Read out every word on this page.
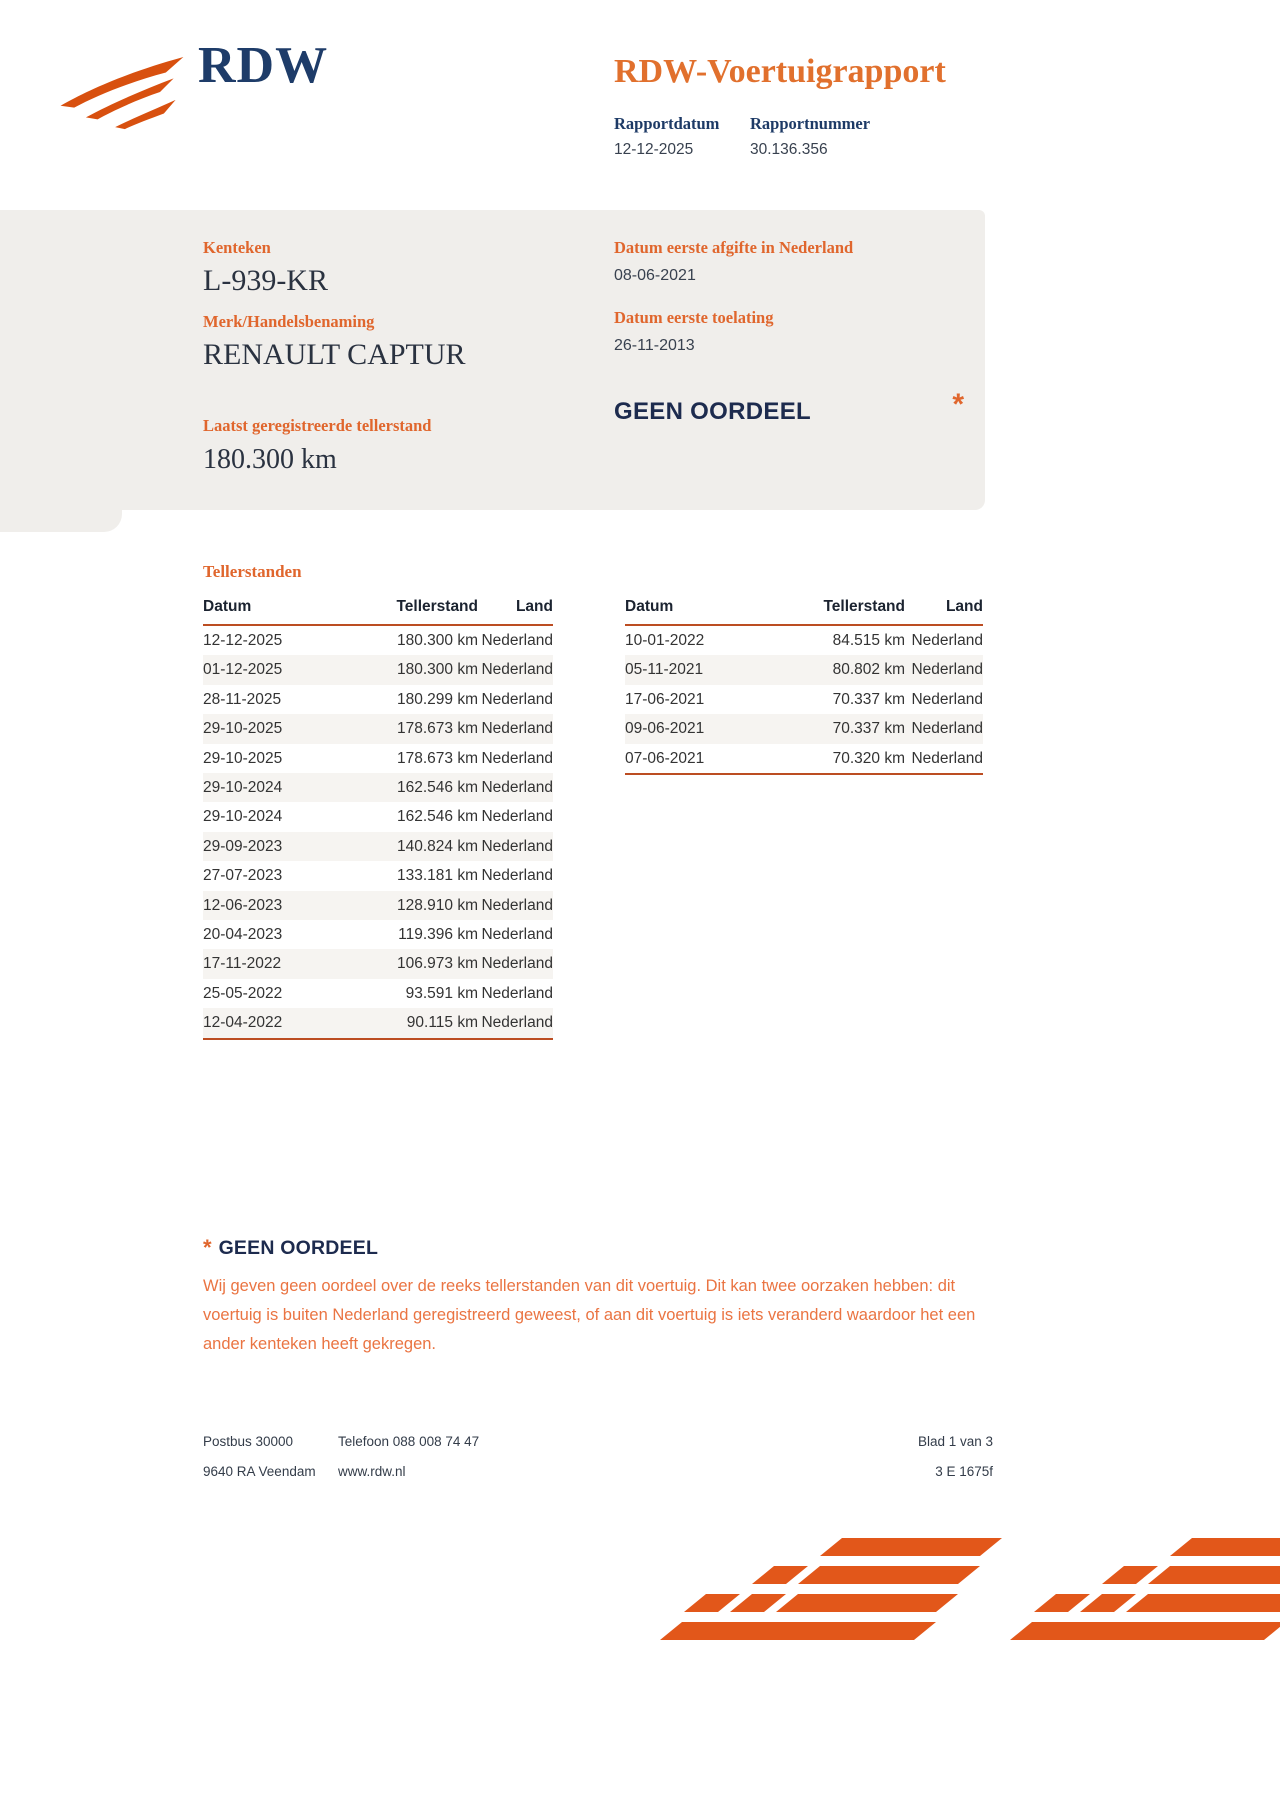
RDW	RDW-Voertuigrapport
Rapportdatum
12-12-2025
Rapportnummer
30.136.356
Kenteken
L-939-KR
Merk/Handelsbenaming
RENAULT CAPTUR
Laatst geregistreerde tellerstand
180.300 km
Datum eerste afgifte in Nederland
08-06-2021
Datum eerste toelating
26-11-2013
GEEN OORDEEL	*
Tellerstanden
Datum	Tellerstand	Land
12-12-2025	180.300 km	Nederland
01-12-2025	180.300 km	Nederland
28-11-2025	180.299 km	Nederland
29-10-2025	178.673 km	Nederland
29-10-2025	178.673 km	Nederland
29-10-2024	162.546 km	Nederland
29-10-2024	162.546 km	Nederland
29-09-2023	140.824 km	Nederland
27-07-2023	133.181 km	Nederland
12-06-2023	128.910 km	Nederland
20-04-2023	119.396 km	Nederland
17-11-2022	106.973 km	Nederland
25-05-2022	93.591 km	Nederland
12-04-2022	90.115 km	Nederland
Datum	Tellerstand	Land
10-01-2022	84.515 km	Nederland
05-11-2021	80.802 km	Nederland
17-06-2021	70.337 km	Nederland
09-06-2021	70.337 km	Nederland
07-06-2021	70.320 km	Nederland
* GEEN OORDEEL

Wij geven geen oordeel over de reeks tellerstanden van dit voertuig. Dit kan twee oorzaken hebben: dit voertuig is buiten Nederland geregistreerd geweest, of aan dit voertuig is iets veranderd waardoor het een ander kenteken heeft gekregen.

Postbus 30000
9640 RA Veendam
Telefoon 088 008 74 47
www.rdw.nl
Blad 1 van 3
3 E 1675f
